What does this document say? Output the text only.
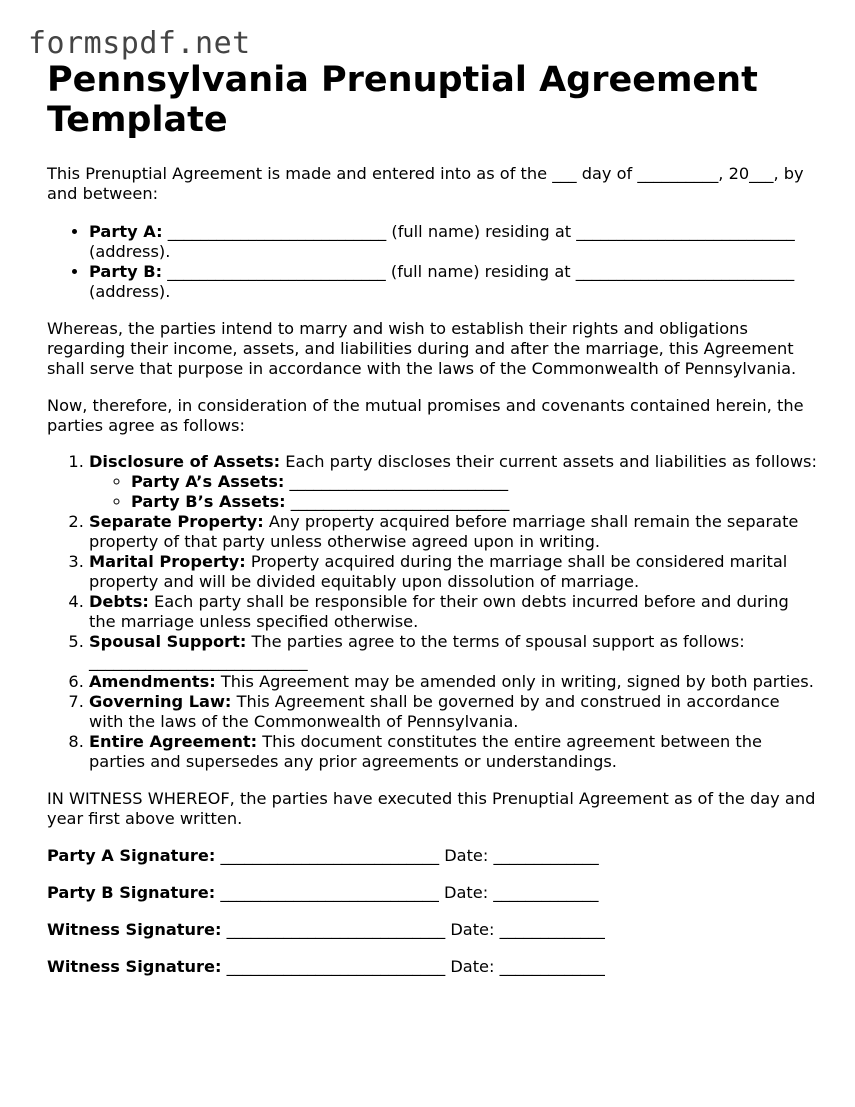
formspdf.net
Pennsylvania Prenuptial Agreement Template

This Prenuptial Agreement is made and entered into as of the ___ day of __________, 20___, by and between:

• Party A: ___________________________ (full name) residing at ___________________________ (address).
• Party B: ___________________________ (full name) residing at ___________________________ (address).

Whereas, the parties intend to marry and wish to establish their rights and obligations regarding their income, assets, and liabilities during and after the marriage, this Agreement shall serve that purpose in accordance with the laws of the Commonwealth of Pennsylvania.

Now, therefore, in consideration of the mutual promises and covenants contained herein, the parties agree as follows:

1. Disclosure of Assets: Each party discloses their current assets and liabilities as follows:
◦ Party A’s Assets: ___________________________
◦ Party B’s Assets: ___________________________
2. Separate Property: Any property acquired before marriage shall remain the separate property of that party unless otherwise agreed upon in writing.
3. Marital Property: Property acquired during the marriage shall be considered marital property and will be divided equitably upon dissolution of marriage.
4. Debts: Each party shall be responsible for their own debts incurred before and during the marriage unless specified otherwise.
5. Spousal Support: The parties agree to the terms of spousal support as follows: ___________________________
6. Amendments: This Agreement may be amended only in writing, signed by both parties.
7. Governing Law: This Agreement shall be governed by and construed in accordance with the laws of the Commonwealth of Pennsylvania.
8. Entire Agreement: This document constitutes the entire agreement between the parties and supersedes any prior agreements or understandings.

IN WITNESS WHEREOF, the parties have executed this Prenuptial Agreement as of the day and year first above written.

Party A Signature: ___________________________ Date: _____________

Party B Signature: ___________________________ Date: _____________

Witness Signature: ___________________________ Date: _____________

Witness Signature: ___________________________ Date: _____________
